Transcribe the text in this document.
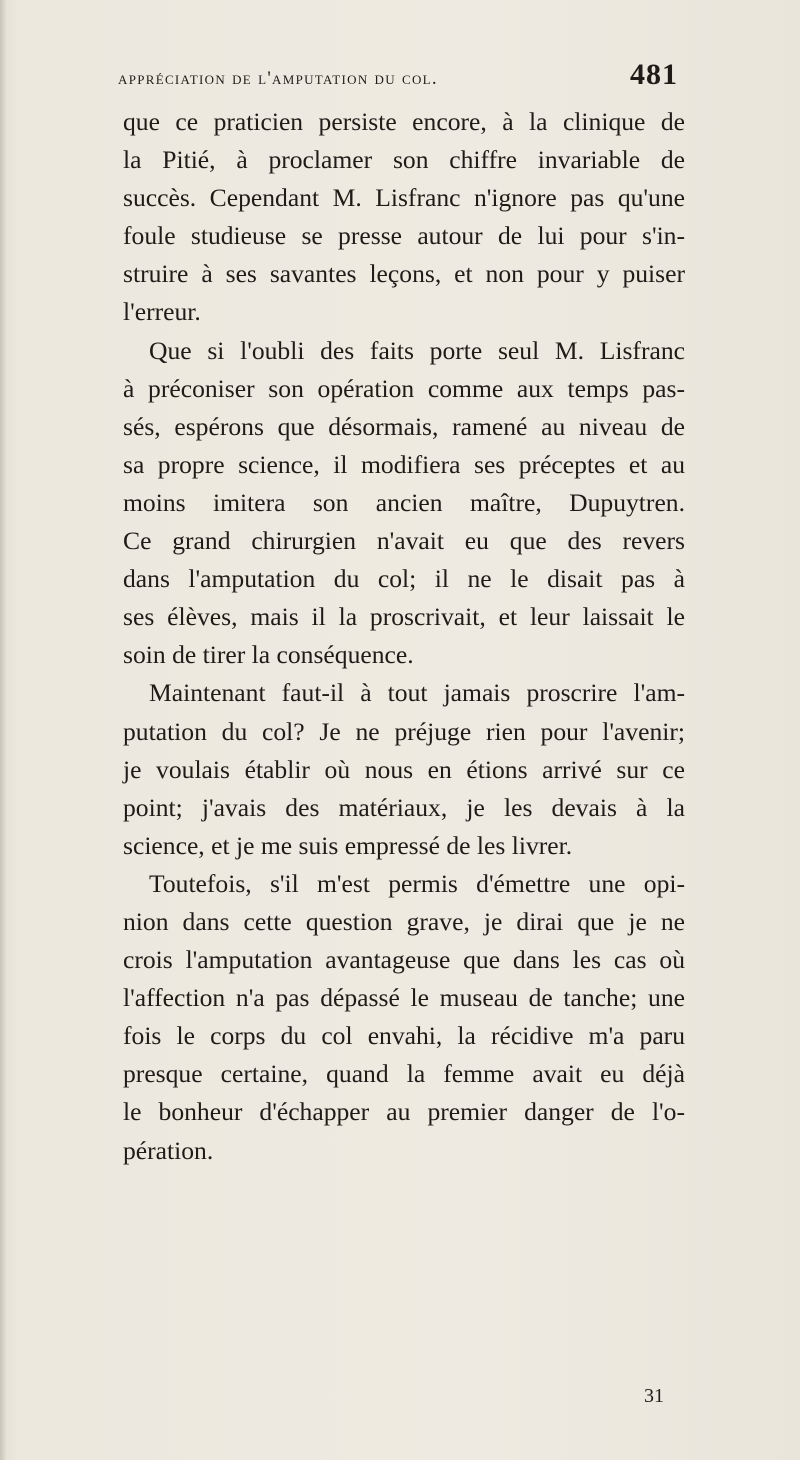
appréciation de l'amputation du col.	481
que ce praticien persiste encore, à la clinique de
la Pitié, à proclamer son chiffre invariable de
succès. Cependant M. Lisfranc n'ignore pas qu'une
foule studieuse se presse autour de lui pour s'in-
struire à ses savantes leçons, et non pour y puiser
l'erreur.
Que si l'oubli des faits porte seul M. Lisfranc
à préconiser son opération comme aux temps pas-
sés, espérons que désormais, ramené au niveau de
sa propre science, il modifiera ses préceptes et au
moins imitera son ancien maître, Dupuytren.
Ce grand chirurgien n'avait eu que des revers
dans l'amputation du col; il ne le disait pas à
ses élèves, mais il la proscrivait, et leur laissait le
soin de tirer la conséquence.
Maintenant faut-il à tout jamais proscrire l'am-
putation du col? Je ne préjuge rien pour l'avenir;
je voulais établir où nous en étions arrivé sur ce
point; j'avais des matériaux, je les devais à la
science, et je me suis empressé de les livrer.
Toutefois, s'il m'est permis d'émettre une opi-
nion dans cette question grave, je dirai que je ne
crois l'amputation avantageuse que dans les cas où
l'affection n'a pas dépassé le museau de tanche; une
fois le corps du col envahi, la récidive m'a paru
presque certaine, quand la femme avait eu déjà
le bonheur d'échapper au premier danger de l'o-
pération.
31
